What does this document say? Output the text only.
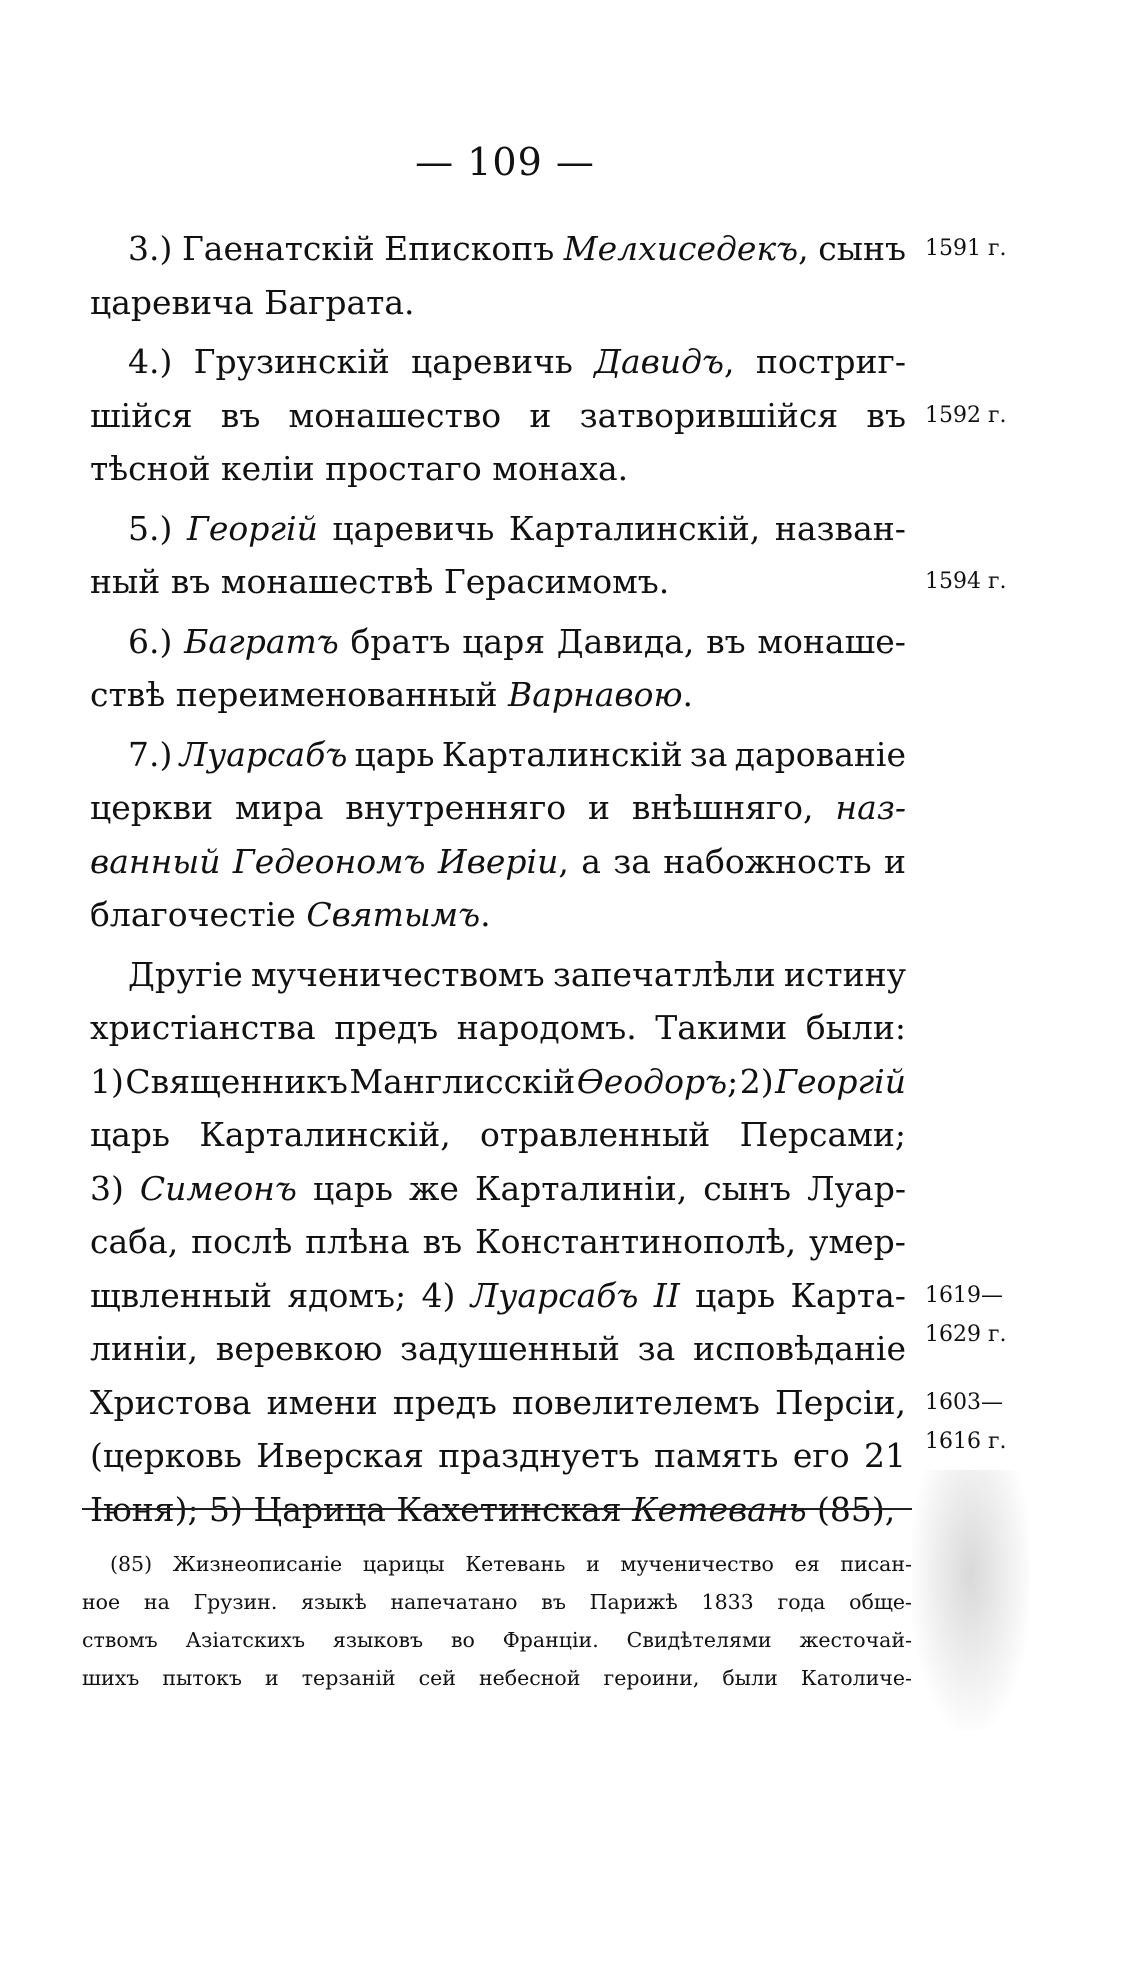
— 109 —
3.) Гаенатскій Епископъ Мелхиседекъ, сынъ 1591 г.
царевича Баграта.
4.) Грузинскій царевичь Давидъ, постриг-
шійся въ монашество и затворившійся въ 1592 г.
тѣсной келіи простаго монаха.
5.) Георгій царевичь Карталинскій, назван-
ный въ монашествѣ Герасимомъ.	1594 г.
6.) Багратъ братъ царя Давида, въ монаше-
ствѣ переименованный Варнавою.
7.) Луарсабъ царь Карталинскій за дарованіе
церкви мира внутренняго и внѣшняго, наз-
ванный Гедеономъ Иверіи, а за набожность и
благочестіе Святымъ.
Другіе мученичествомъ запечатлѣли истину
христіанства предъ народомъ. Такими были:
1) Священникъ Манглисскій Ѳеодоръ; 2) Георгій
царь Карталинскій, отравленный Персами;
3) Симеонъ царь же Карталиніи, сынъ Луар-
саба, послѣ плѣна въ Константинополѣ, умер-
щвленный ядомъ; 4) Луарсабъ II царь Карта- 1619—
линіи, веревкою задушенный за исповѣданіе 1629 г.
Христова имени предъ повелителемъ Персіи, 1603—
(церковь Иверская празднуетъ память его 21 1616 г.
Іюня); 5) Царица Кахетинская Кетевань (85),
(85) Жизнеописаніе царицы Кетевань и мученичество ея писан-
ное на Грузин. языкѣ напечатано въ Парижѣ 1833 года обще-
ствомъ Азіатскихъ языковъ во Франціи. Свидѣтелями жесточай-
шихъ пытокъ и терзаній сей небесной героини, были Католиче-
